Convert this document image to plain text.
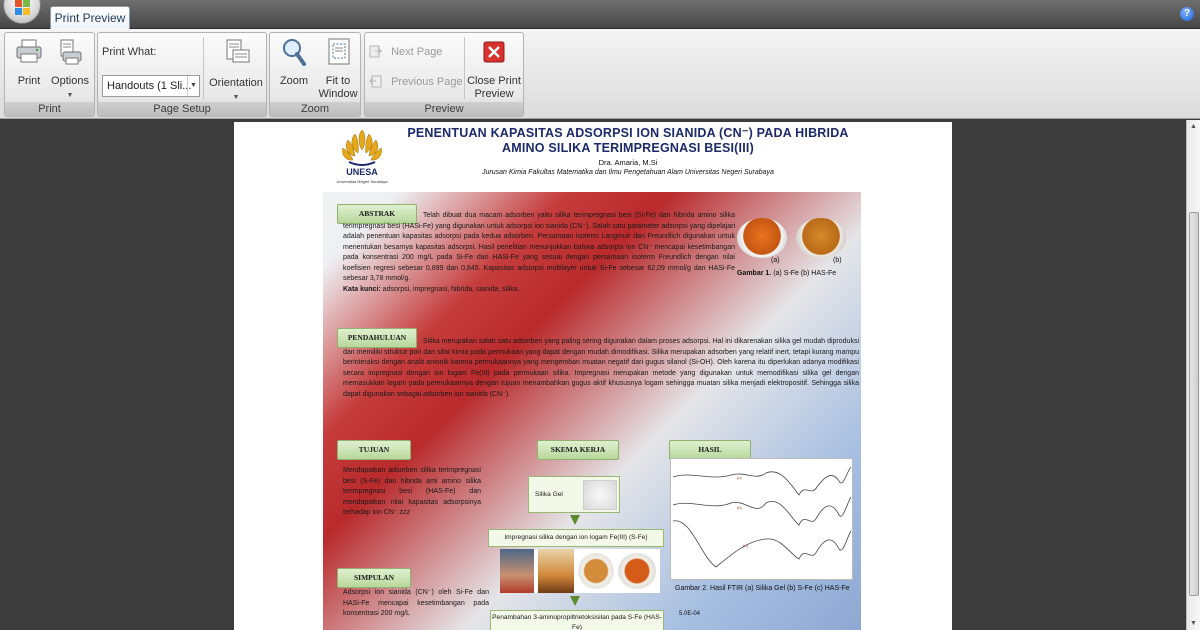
Print Preview	?
Print Options
▼
Print
Print What:
Handouts (1 Sli...
▼ Orientation
▼
Page Setup
Zoom	Fit to
Window
Zoom
Next Page
Previous Page Close Print
Preview
Preview
UNESA
Universitas Negeri Surabaya
PENENTUAN KAPASITAS ADSORPSI ION SIANIDA (CN⁻) PADA HIBRIDA
AMINO SILIKA TERIMPREGNASI BESI(III)
Dra. Amaria, M.Si
Jurusan Kimia Fakultas Matematika dan Ilmu Pengetahuan Alam Universitas Negeri Surabaya
ABSTRAK	Telah dibuat dua macam adsorben yaitu silika terimpregnasi besi (Si-Fe) dan hibrida amino silika terimpregnasi besi (HASi-Fe) yang digunakan untuk adsorpsi ion sianida (CN⁻). Salah satu parameter adsorpsi yang dipelajari adalah penentuan kapasitas adsorpsi pada kedua adsorben. Persamaan isoterm Langmuir dan Freundlich digunakan untuk menentukan besarnya kapasitas adsorpsi. Hasil penelitian menunjukkan bahwa adsorpsi ion CN⁻ mencapai kesetimbangan pada konsentrasi 200 mg/L pada Si-Fe dan HASi-Fe yang sesuai dengan persamaan isoterm Freundlich dengan nilai koefisien regresi sebesar 0,899 dan 0,845. Kapasitas adsorpsi multilayer untuk Si-Fe sebesar 62,09 mmol/g dan HASi-Fe sebesar 3,78 mmol/g.
Kata kunci: adsorpsi, impregnasi, hibrida, sianida, silika.
(a)	(b)
Gambar 1. (a) S-Fe (b) HAS-Fe
PENDAHULUAN	Silika merupakan salah satu adsorben yang paling sering digunakan dalam proses adsorpsi. Hal ini dikarenakan silika gel mudah diproduksi dan memiliki struktur pori dan sifat kimia pada permukaan yang dapat dengan mudah dimodifikasi. Silika merupakan adsorben yang relatif inert, tetapi kurang mampu berinteraksi dengan analit anionik karena permukaannya yang mengemban muatan negatif dari gugus silanol (Si-OH). Oleh karena itu diperlukan adanya modifikasi secara impregnasi dengan ion logam Fe(III) pada permukaan silika. Impregnasi merupakan metode yang digunakan untuk memodifikasi silika gel dengan memasukkan logam pada permukaannya dengan tujuan menambahkan gugus aktif khususnya logam sehingga muatan silika menjadi elektropositif. Sehingga silika dapat digunakan sebagai adsorben ion sianida (CN⁻).
TUJUAN
Mendapatkan adsorben silika terimpregnasi besi (S-Fe) dan hibrida ami amino silika terimpregnasi besi (HAS-Fe) dan mendapatkan nilai kapasitas adsorpsinya terhadap ion CN⁻.zzz
SIMPULAN
Adsorpsi ion sianida (CN⁻) oleh Si-Fe dan HASi-Fe mencapai kesetimbangan pada konsentrasi 200 mg/L
SKEMA KERJA
Silika Gel
Impregnasi silika dengan ion logam Fe(III) (S-Fe)
Penambahan 3-aminopropiltrietoksisilan pada S-Fe (HAS-Fe)
HASIL
(c)
(b)
(a)
Gambar 2. Hasil FTIR (a) Silika Gel (b) S-Fe (c) HAS-Fe
5.0E-04
▲
▼
